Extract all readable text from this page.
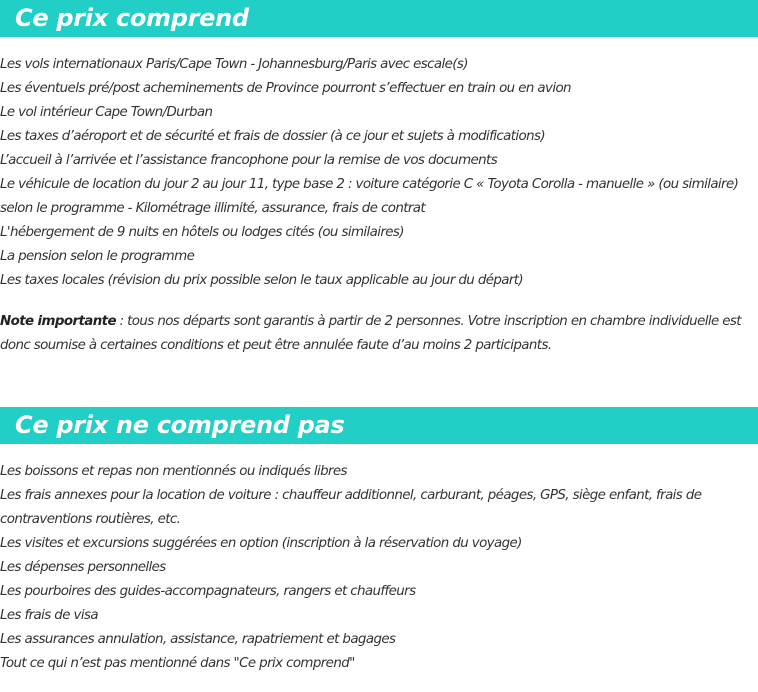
Ce prix comprend
Les vols internationaux Paris/Cape Town - Johannesburg/Paris avec escale(s)
Les éventuels pré/post acheminements de Province pourront s’effectuer en train ou en avion
Le vol intérieur Cape Town/Durban
Les taxes d’aéroport et de sécurité et frais de dossier (à ce jour et sujets à modifications)
L’accueil à l’arrivée et l’assistance francophone pour la remise de vos documents
Le véhicule de location du jour 2 au jour 11, type base 2 : voiture catégorie C « Toyota Corolla - manuelle » (ou similaire)
selon le programme - Kilométrage illimité, assurance, frais de contrat
L'hébergement de 9 nuits en hôtels ou lodges cités (ou similaires)
La pension selon le programme
Les taxes locales (révision du prix possible selon le taux applicable au jour du départ)
Note importante : tous nos départs sont garantis à partir de 2 personnes. Votre inscription en chambre individuelle est
donc soumise à certaines conditions et peut être annulée faute d’au moins 2 participants.
Ce prix ne comprend pas
Les boissons et repas non mentionnés ou indiqués libres
Les frais annexes pour la location de voiture : chauffeur additionnel, carburant, péages, GPS, siège enfant, frais de
contraventions routières, etc.
Les visites et excursions suggérées en option (inscription à la réservation du voyage)
Les dépenses personnelles
Les pourboires des guides-accompagnateurs, rangers et chauffeurs
Les frais de visa
Les assurances annulation, assistance, rapatriement et bagages
Tout ce qui n’est pas mentionné dans "Ce prix comprend"
